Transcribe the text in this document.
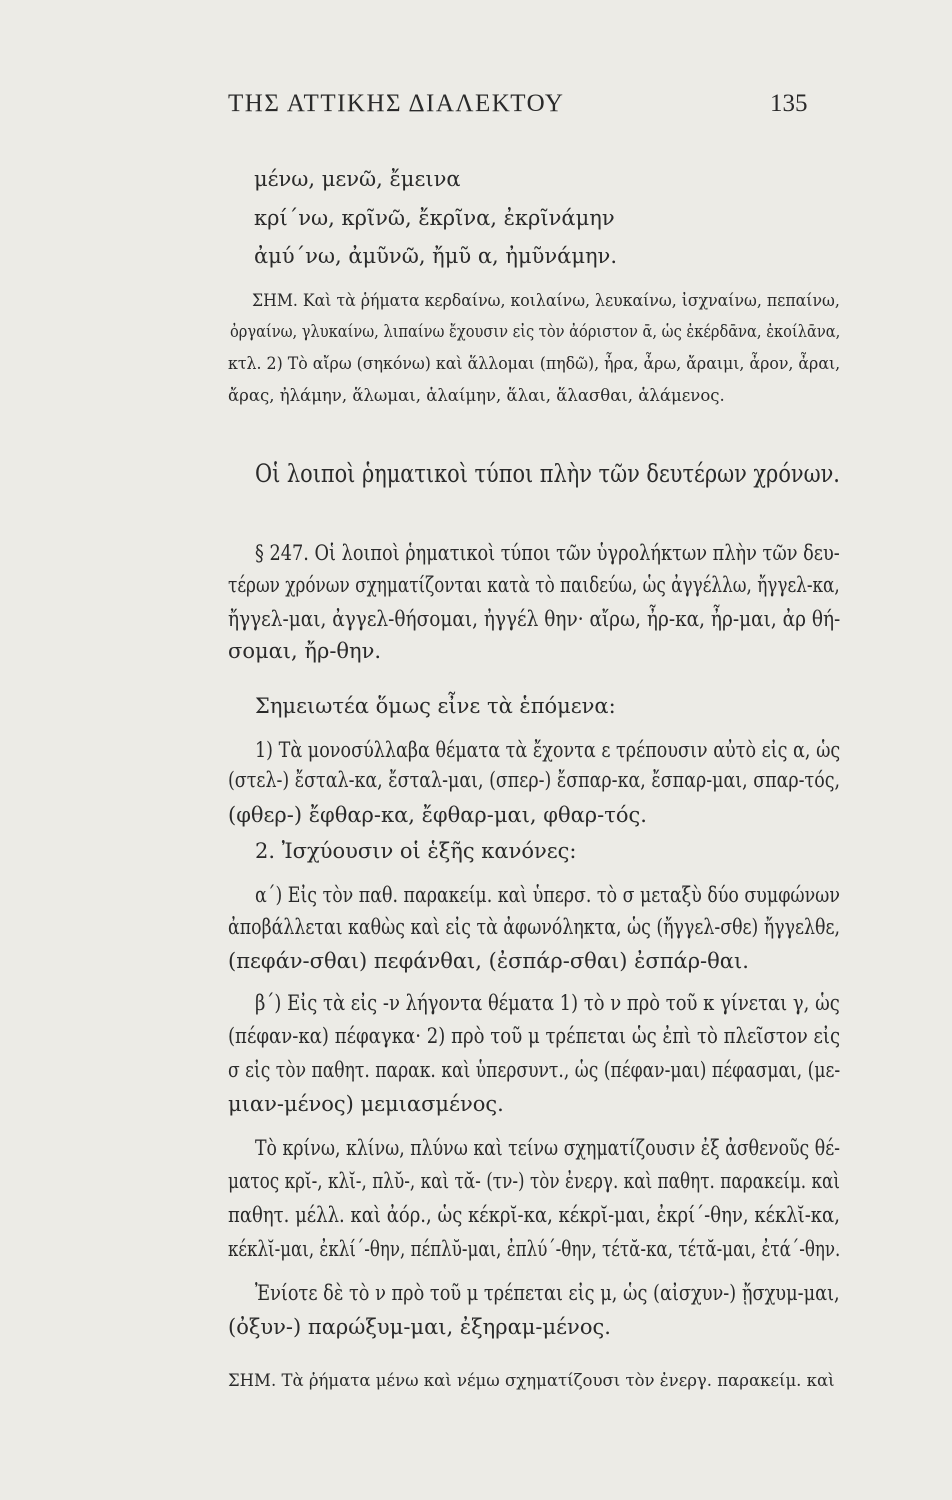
ΤΗΣ ΑΤΤΙΚΗΣ ΔΙΑΛΕΚΤΟΥ	135
μένω, μενῶ, ἔμεινα
κρί΄νω, κρῖνῶ, ἔκρῖνα, ἐκρῖνάμην
ἀμύ΄νω, ἀμῦνῶ, ἤμῦ α, ἠμῦνάμην.
ΣΗΜ. Καὶ τὰ ῥήματα κερδαίνω, κοιλαίνω, λευκαίνω, ἰσχναίνω, πεπαίνω,
ὀργαίνω, γλυκαίνω, λιπαίνω ἔχουσιν εἰς τὸν ἀόριστον ᾱ, ὡς ἐκέρδᾱνα, ἐκοίλᾱνα,
κτλ. 2) Τὸ αἴρω (σηκόνω) καὶ ἅλλομαι (πηδῶ), ἦρα, ἆρω, ἄραιμι, ἆρον, ἆραι,
ἄρας, ἠλάμην, ἅλωμαι, ἁλαίμην, ἅλαι, ἅλασθαι, ἁλάμενος.
Οἱ λοιποὶ ῥηματικοὶ τύποι πλὴν τῶν δευτέρων χρόνων.
§ 247. Οἱ λοιποὶ ῥηματικοὶ τύποι τῶν ὑγρολήκτων πλὴν τῶν δευ-
τέρων χρόνων σχηματίζονται κατὰ τὸ παιδεύω, ὡς ἀγγέλλω, ἤγγελ-κα,
ἤγγελ-μαι, ἀγγελ-θήσομαι, ἠγγέλ θην· αἴρω, ἦρ-κα, ἦρ-μαι, ἀρ θή-
σομαι, ἤρ-θην.
Σημειωτέα ὅμως εἶνε τὰ ἑπόμενα:
1) Τὰ μονοσύλλαβα θέματα τὰ ἔχοντα ε τρέπουσιν αὐτὸ εἰς α, ὡς
(στελ-) ἔσταλ-κα, ἔσταλ-μαι, (σπερ-) ἔσπαρ-κα, ἔσπαρ-μαι, σπαρ-τός,
(φθερ-) ἔφθαρ-κα, ἔφθαρ-μαι, φθαρ-τός.
2. Ἰσχύουσιν οἱ ἑξῆς κανόνες:
α΄) Εἰς τὸν παθ. παρακείμ. καὶ ὑπερσ. τὸ σ μεταξὺ δύο συμφώνων
ἀποβάλλεται καθὼς καὶ εἰς τὰ ἀφωνόληκτα, ὡς (ἤγγελ-σθε) ἤγγελθε,
(πεφάν-σθαι) πεφάνθαι, (ἐσπάρ-σθαι) ἐσπάρ-θαι.
β΄) Εἰς τὰ εἰς -ν λήγοντα θέματα 1) τὸ ν πρὸ τοῦ κ γίνεται γ, ὡς
(πέφαν-κα) πέφαγκα· 2) πρὸ τοῦ μ τρέπεται ὡς ἐπὶ τὸ πλεῖστον εἰς
σ εἰς τὸν παθητ. παρακ. καὶ ὑπερσυντ., ὡς (πέφαν-μαι) πέφασμαι, (με-
μιαν-μένος) μεμιασμένος.
Τὸ κρίνω, κλίνω, πλύνω καὶ τείνω σχηματίζουσιν ἐξ ἀσθενοῦς θέ-
ματος κρῐ-, κλῐ-, πλῠ-, καὶ τᾰ- (τν-) τὸν ἐνεργ. καὶ παθητ. παρακείμ. καὶ
παθητ. μέλλ. καὶ ἀόρ., ὡς κέκρῐ-κα, κέκρῐ-μαι, ἐκρί΄-θην, κέκλῐ-κα,
κέκλῐ-μαι, ἐκλί΄-θην, πέπλῠ-μαι, ἐπλύ΄-θην, τέτᾰ-κα, τέτᾰ-μαι, ἐτά΄-θην.
Ἐνίοτε δὲ τὸ ν πρὸ τοῦ μ τρέπεται εἰς μ, ὡς (αἰσχυν-) ᾔσχυμ-μαι,
(ὀξυν-) παρώξυμ-μαι, ἐξηραμ-μένος.
ΣΗΜ. Τὰ ῥήματα μένω καὶ νέμω σχηματίζουσι τὸν ἐνεργ. παρακείμ. καὶ
